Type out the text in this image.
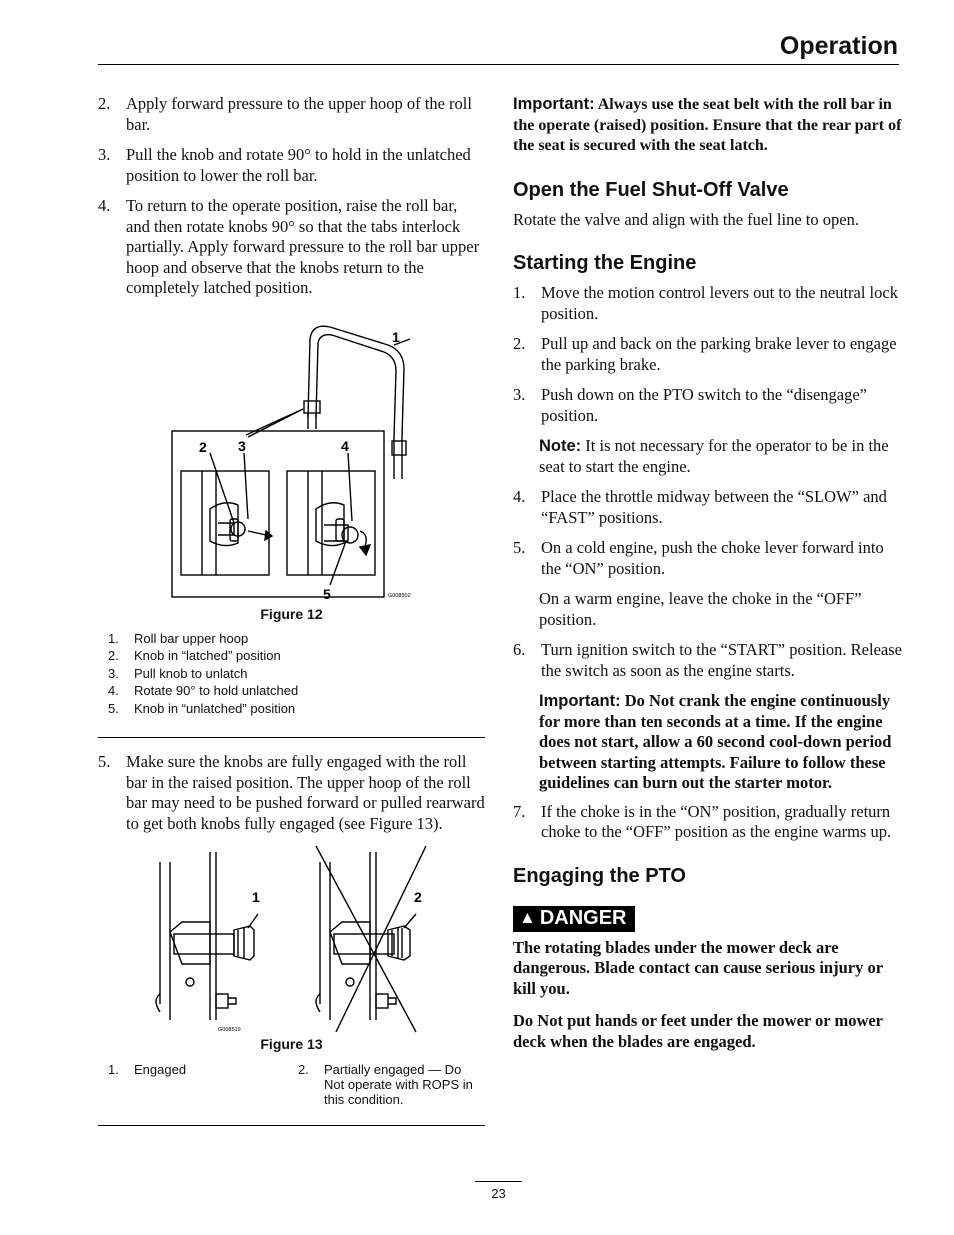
Operation
2. Apply forward pressure to the upper hoop of the roll bar.
3. Pull the knob and rotate 90° to hold in the unlatched position to lower the roll bar.
4. To return to the operate position, raise the roll bar, and then rotate knobs 90° so that the tabs interlock partially. Apply forward pressure to the roll bar upper hoop and observe that the knobs return to the completely latched position.
1
2 3	4
5	G008502
Figure 12
1.	Roll bar upper hoop
2.	Knob in “latched” position
3.	Pull knob to unlatch
4.	Rotate 90° to hold unlatched
5.	Knob in “unlatched” position
5. Make sure the knobs are fully engaged with the roll bar in the raised position. The upper hoop of the roll bar may need to be pushed forward or pulled rearward to get both knobs fully engaged (see Figure 13).
1	2
G008519
Figure 13
1.	Engaged	2.	Partially engaged — Do Not operate with ROPS in this condition.
Important: Always use the seat belt with the roll bar in the operate (raised) position. Ensure that the rear part of the seat is secured with the seat latch.
Open the Fuel Shut-Off Valve
Rotate the valve and align with the fuel line to open.
Starting the Engine
1. Move the motion control levers out to the neutral lock position.
2. Pull up and back on the parking brake lever to engage the parking brake.
3. Push down on the PTO switch to the “disengage” position.
Note: It is not necessary for the operator to be in the seat to start the engine.
4. Place the throttle midway between the “SLOW” and “FAST” positions.
5. On a cold engine, push the choke lever forward into the “ON” position.
On a warm engine, leave the choke in the “OFF” position.
6. Turn ignition switch to the “START” position. Release the switch as soon as the engine starts.
Important: Do Not crank the engine continuously for more than ten seconds at a time. If the engine does not start, allow a 60 second cool-down period between starting attempts. Failure to follow these guidelines can burn out the starter motor.
7. If the choke is in the “ON” position, gradually return choke to the “OFF” position as the engine warms up.
Engaging the PTO
▲ DANGER
The rotating blades under the mower deck are dangerous. Blade contact can cause serious injury or kill you.
Do Not put hands or feet under the mower or mower deck when the blades are engaged.
23
